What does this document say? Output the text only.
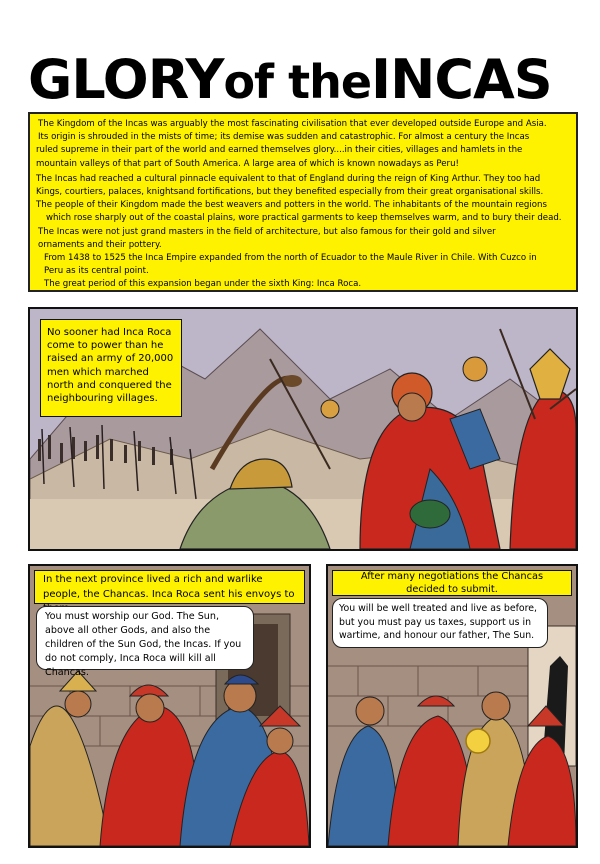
GLORYof theINCAS

The Kingdom of the Incas was arguably the most fascinating civilisation that ever developed outside Europe and Asia.

Its origin is shrouded in the mists of time; its demise was sudden and catastrophic. For almost a century the Incas

ruled supreme in their part of the world and earned themselves glory....in their cities, villages and hamlets in the

mountain valleys of that part of South America. A large area of which is known nowadays as Peru!

The Incas had reached a cultural pinnacle equivalent to that of England during the reign of King Arthur. They too had

Kings, courtiers, palaces, knightsand fortifications, but they benefited especially from their great organisational skills.

The people of their Kingdom made the best weavers and potters in the world. The inhabitants of the mountain regions

which rose sharply out of the coastal plains, wore practical garments to keep themselves warm, and to bury their dead.

The Incas were not just grand masters in the field of architecture, but also famous for their gold and silver

ornaments and their pottery.

From 1438 to 1525 the Inca Empire expanded from the north of Ecuador to the Maule River in Chile. With Cuzco in

Peru as its central point.

The great period of this expansion began under the sixth King: Inca Roca.

No sooner had Inca Roca come to power than he raised an army of 20,000 men which marched north and conquered the neighbouring villages.
In the next province lived a rich and warlike people, the Chancas. Inca Roca sent his envoys to
You must worship our God. The Sun, above all other Gods, and also the children of the Sun God, the Incas. If you do not comply, Inca Roca will kill all Chancas.
After many negotiations the Chancas decided to submit.
You will be well treated and live as before, but you must pay us taxes, support us in wartime, and honour our father, The Sun.
